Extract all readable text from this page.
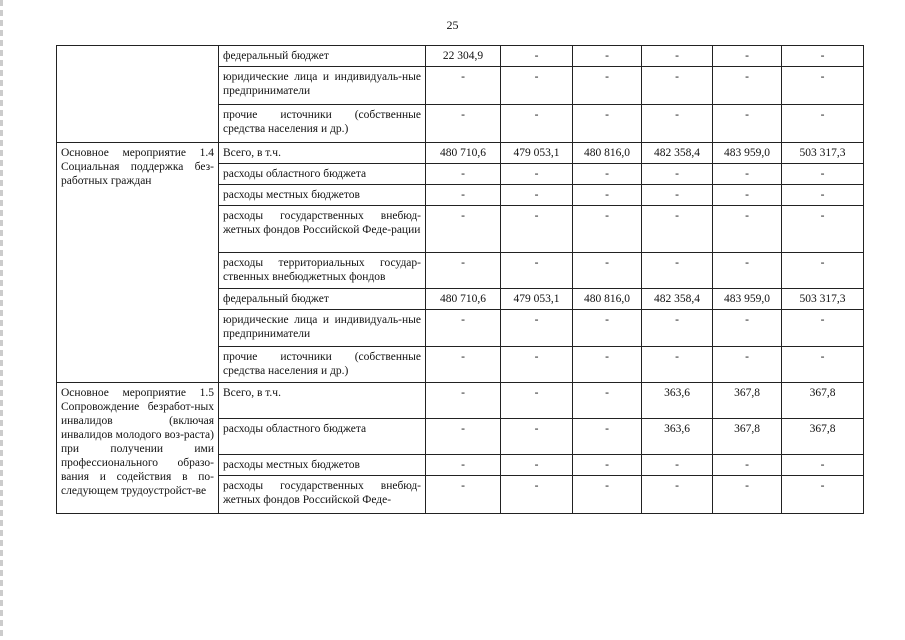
25
	федеральный бюджет	22 304,9	-	-	-	-	-
	юридические лица и индивидуаль-ные предприниматели	-	-	-	-	-	-
	прочие источники (собственные средства населения и др.)	-	-	-	-	-	-
Основное мероприятие 1.4 Социальная поддержка без-работных граждан	Всего, в т.ч.	480 710,6	479 053,1	480 816,0	482 358,4	483 959,0	503 317,3
	расходы областного бюджета	-	-	-	-	-	-
	расходы местных бюджетов	-	-	-	-	-	-
	расходы государственных внебюд-жетных фондов Российской Феде-рации	-	-	-	-	-	-
	расходы территориальных государ-ственных внебюджетных фондов	-	-	-	-	-	-
	федеральный бюджет	480 710,6	479 053,1	480 816,0	482 358,4	483 959,0	503 317,3
	юридические лица и индивидуаль-ные предприниматели	-	-	-	-	-	-
	прочие источники (собственные средства населения и др.)	-	-	-	-	-	-
Основное мероприятие 1.5 Сопровождение безработ-ных инвалидов (включая инвалидов молодого воз-раста) при получении ими профессионального образо-вания и содействия в по-следующем трудоустройст-ве	Всего, в т.ч.	-	-	-	363,6	367,8	367,8
	расходы областного бюджета	-	-	-	363,6	367,8	367,8
	расходы местных бюджетов	-	-	-	-	-	-
	расходы государственных внебюд-жетных фондов Российской Феде-	-	-	-	-	-	-
